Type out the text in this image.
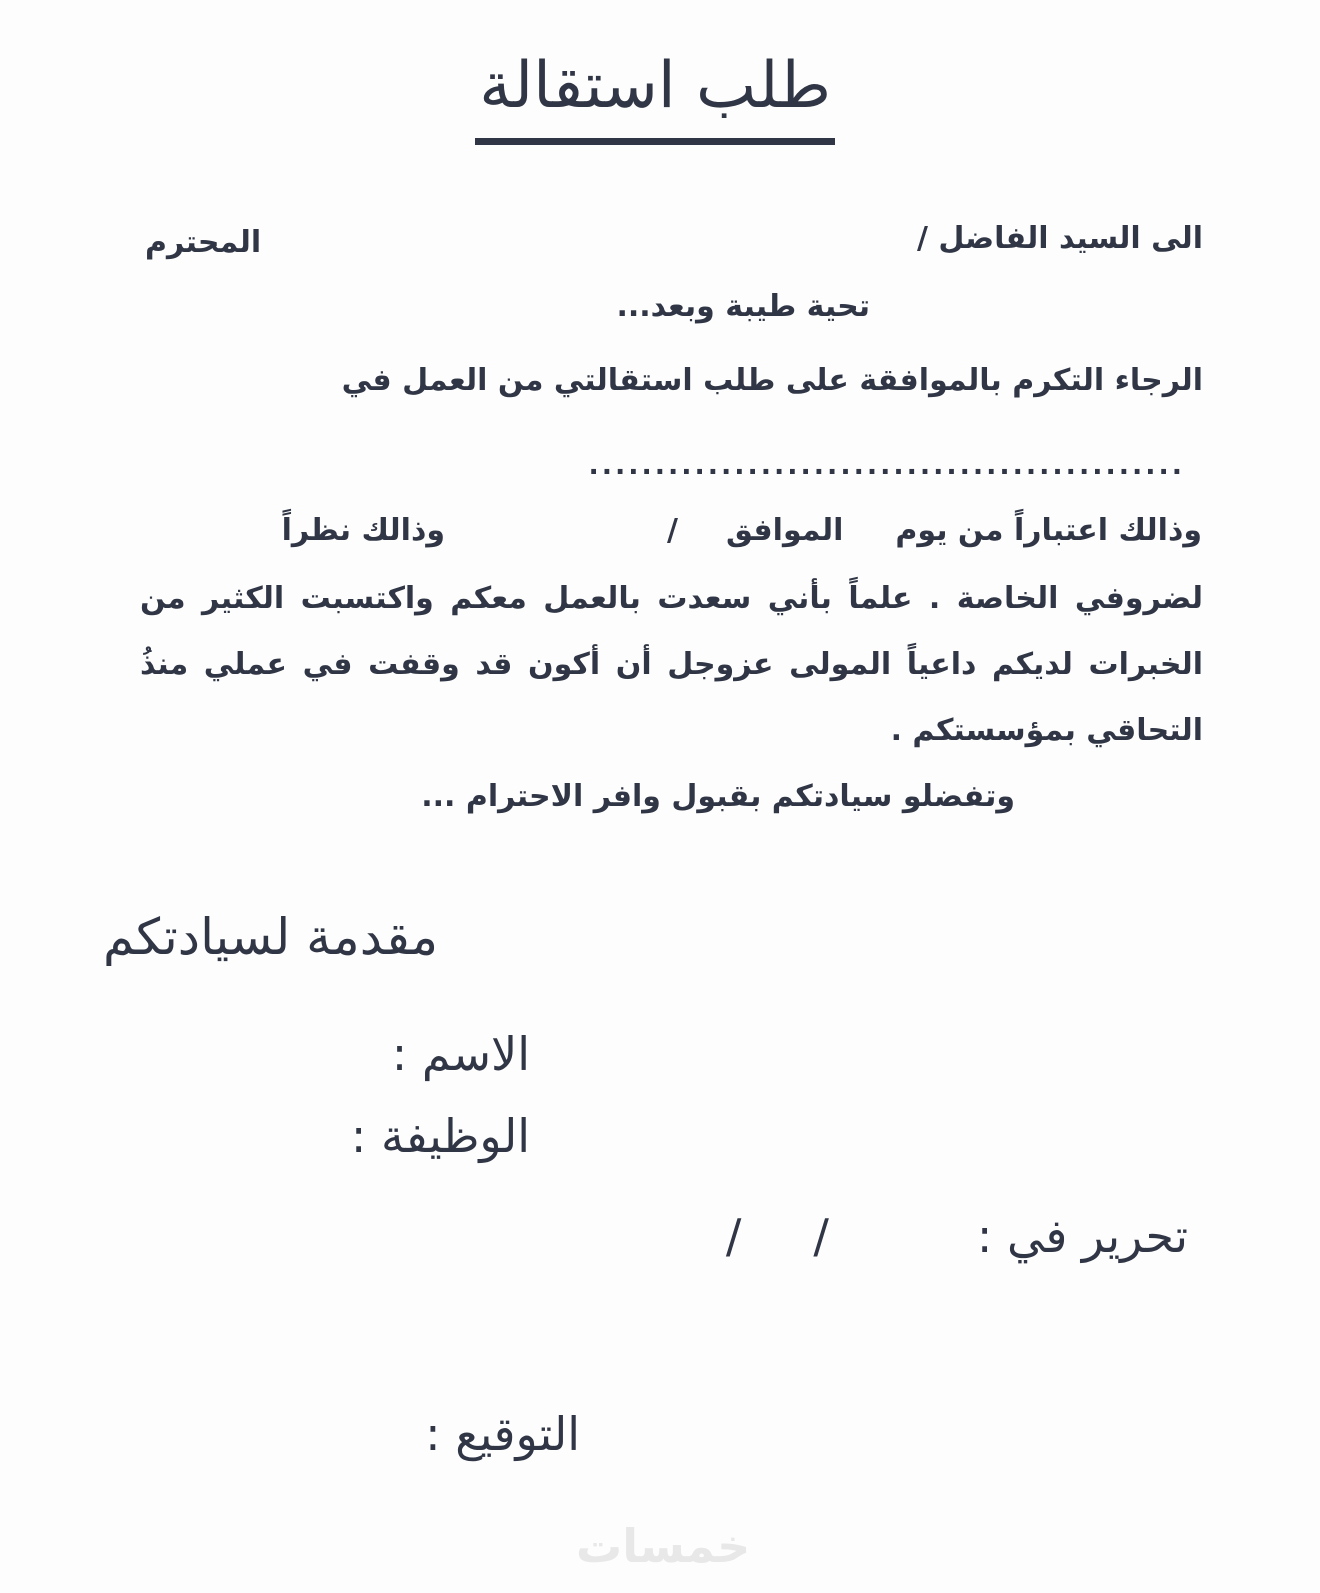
طلب استقالة
الى السيد الفاضل /
المحترم
تحية طيبة وبعد...
الرجاء التكرم بالموافقة على طلب استقالتي من العمل في
.............................................
وذالك اعتباراً من يوم
الموافق
/
وذالك نظراً
لضروفي الخاصة . علماً بأني سعدت بالعمل معكم واكتسبت الكثير من
الخبرات لديكم داعياً المولى عزوجل أن أكون قد وقفت في عملي منذُ
التحاقي بمؤسستكم .
وتفضلو سيادتكم بقبول وافر الاحترام ...
مقدمة لسيادتكم
الاسم :
الوظيفة :
تحرير في :
/
/
التوقيع :
خمسات
